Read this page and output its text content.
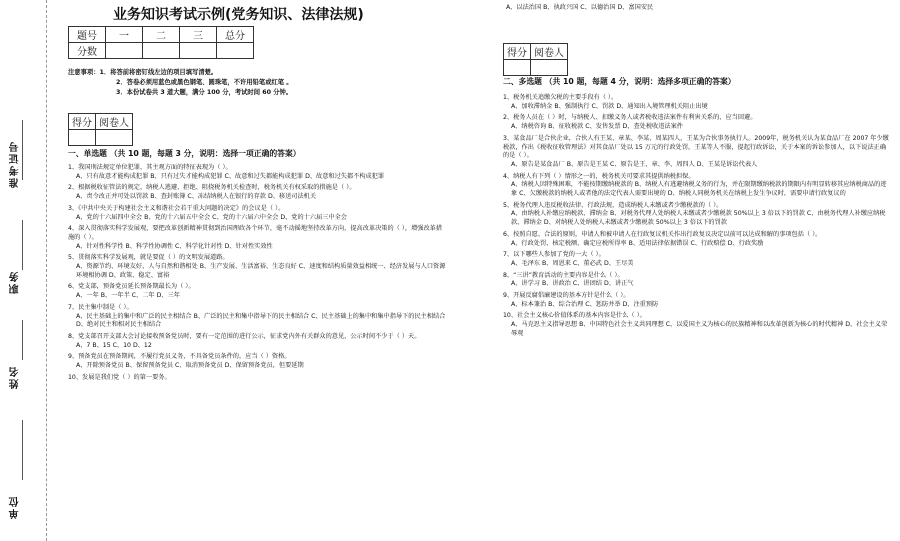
准考证号
职务
姓名
单位
业务知识考试示例(党务知识、法律法规)
题号	一	二	三	总分
分数				
注意事项：1．将答前将密钉线左边的项目填写清楚。
2．答卷必须用蓝色或黑色钢笔、圆珠笔，不许用铅笔或红笔 。
3．本份试卷共 3 道大题，满分 100 分，考试时间 60 分钟。
得分	阅卷人

一、单选题 （共 10 题，每题 3 分，说明：选择一项正确的答案）
1、我国刑法规定单位犯罪，其主观方面的特征表现为（ ）。
A、只有故意才能构成犯罪 B、只有过失才能构成犯罪 C、故意和过失都能构成犯罪 D、故意和过失都不构成犯罪
2、根据税收征管法的规定，纳税人逃避、拒绝、阻挠税务机关检查时，税务机关有权采取的措施是（ ）。
A、责令改正并可处以罚款 B、查封账簿 C、冻结纳税人在银行的存款 D、移送司法机关
3、《中共中央关于构建社会主义和谐社会若干重大问题的决定》的会议是（ ）。
A、党的十六届四中全会 B、党的十六届五中全会 C、党的十六届六中全会 D、党的十六届三中全会
4、深入贯彻落实科学发展观，要把改革创新精神贯彻到治国理政各个环节，毫不动摇地坚持改革方向，提高改革决策的（ ），增强改革措施的（ ）。
A、针对性科学性 B、科学性协调性 C、科学化针对性 D、针对性实效性
5、贯彻落实科学发展观，就是要促（ ）的文明发展道路。
A、资源节约、环境友好，人与自然和谐相处 B、生产发展、生活富裕、生态良好 C、速度和结构质量效益相统一、经济发展与人口资源环境相协调 D、政策、稳定、富裕
6、党支部，预备党员延长预备期最长为（ ）。
A、一年 B、一年半 C、二年 D、三年
7、民主集中制是（ ）。
A、民主基础上的集中和广泛的民主相结合 B、广泛的民主和集中指导下的民主相结合 C、民主基础上的集中和集中指导下的民主相结合 D、绝对民主和相对民主相结合
8、党支部召开支部大会讨论接收预备党员时，要有一定范围的进行公示，征求党内外有关群众的意见，公示时间不少于（ ）天。
A、7 B、15 C、10 D、12
9、预备党员在预备期间，不履行党员义务，不具备党员条件的，应当（ ）资格。
A、开除预备党员 B、保留预备党员 C、取消预备党员 D、保留预备党员，但要延期
10、发展是我们党（ ）的第一要务。
A、以法治国 B、执政兴国 C、以德治国 D、富国安民
得分	阅卷人

二、多选题 （共 10 题，每题 4 分，说明：选择多项正确的答案）
1、税务机关追缴欠税的主要手段有（ ）。
A、加收滞纳金 B、强制执行 C、罚款 D、通知出入境管理机关阻止出境
2、税务人员在（ ）时，与纳税人、扣缴义务人或者税收违法案件有利害关系的，应当回避。
A、纳税咨询 B、征收税款 C、发售发票 D、查处税收违法案件
3、某食品厂是合伙企业，合伙人有王某、章某、李某、周某四人，王某为合伙事务执行人。2009年，税务机关认为某食品厂在 2007 年少缴税款，作出《税收征收管理法》对其食品厂处以 15 万元的行政处罚，王某等人不服，提起行政诉讼，关于本案的诉讼参加人，以下说法正确的是（ ）。
A、原告是某食品厂 B、原告是王某 C、原告是王、章、李、周四人 D、王某是诉讼代表人
4、纳税人有下列（ ）情形之一的，税务机关可要求其提供纳税担保。
A、纳税人因特殊困难，不能按期缴纳税款的 B、纳税人有逃避纳税义务的行为，并在限期缴纳税款的期限内有明显转移其应纳税商品的迹象 C、欠缴税款的纳税人或者他的法定代表人需要出境的 D、纳税人同税务机关在纳税上发生争议时，需要申请行政复议的
5、税务代理人违反税收法律、行政法规，造成纳税人未缴或者少缴税款的（ ）。
A、由纳税人补缴应纳税款、滞纳金 B、对税务代理人处纳税人未缴或者少缴税款 50%以上 3 倍以下的罚款 C、由税务代理人补缴应纳税款、滞纳金 D、对纳税人处纳税人未缴或者少缴税款 50%以上 3 倍以下的罚款
6、按照自愿、合法的原则，申请人和被申请人在行政复议机关作出行政复议决定以前可以达成和解的事项包括（ ）。
A、行政处罚、核定税额、确定应税所得率 B、适用法律依据错误 C、行政赔偿 D、行政奖励
7、以下哪些人参加了党的一大（ ）。
A、毛泽东 B、周恩来 C、董必武 D、王尽美
8、“三讲”教育活动的主要内容是什么（ ）。
A、讲学习 B、讲政治 C、讲团结 D、讲正气
9、开展反腐倡廉建设的基本方针是什么（ ）。
A、标本兼治 B、综合治理 C、惩防并举 D、注重预防
10、社会主义核心价值体系的基本内容是什么（ ）。
A、马克思主义指导思想 B、中国特色社会主义共同理想 C、以爱国主义为核心的民族精神和以改革创新为核心的时代精神 D、社会主义荣辱观
